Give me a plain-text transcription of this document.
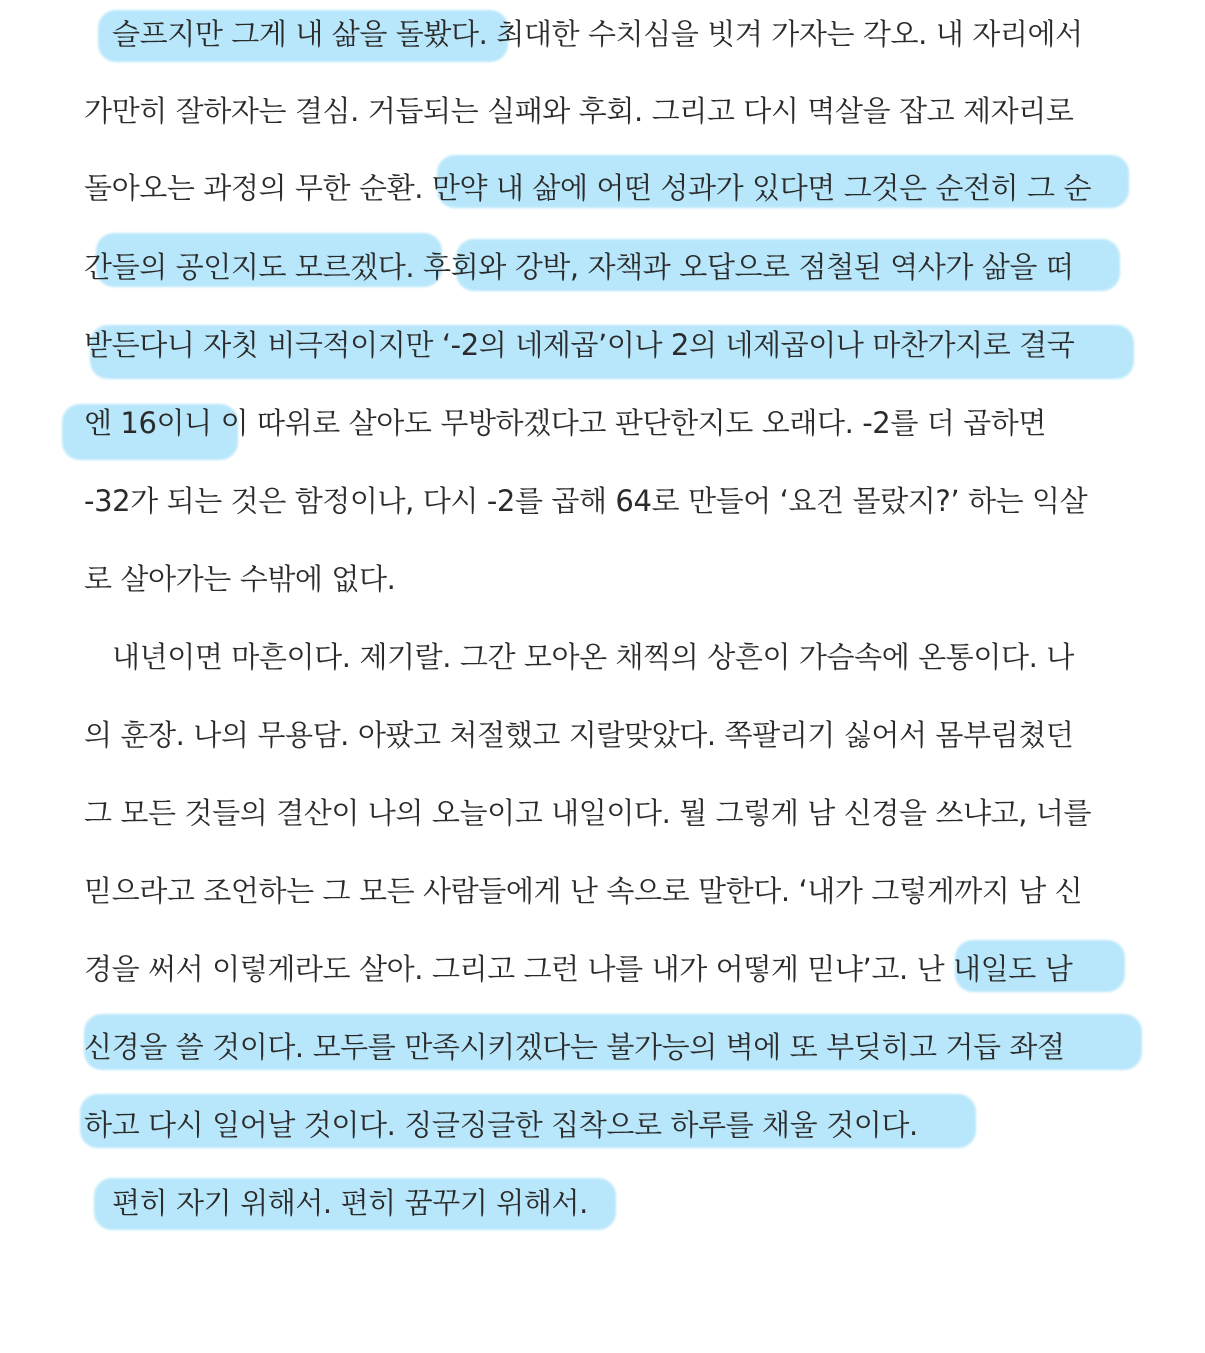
슬프지만 그게 내 삶을 돌봤다. 최대한 수치심을 빗겨 가자는 각오. 내 자리에서

가만히 잘하자는 결심. 거듭되는 실패와 후회. 그리고 다시 멱살을 잡고 제자리로

돌아오는 과정의 무한 순환. 만약 내 삶에 어떤 성과가 있다면 그것은 순전히 그 순

간들의 공인지도 모르겠다. 후회와 강박, 자책과 오답으로 점철된 역사가 삶을 떠

받든다니 자칫 비극적이지만 ‘-2의 네제곱’이나 2의 네제곱이나 마찬가지로 결국

엔 16이니 이 따위로 살아도 무방하겠다고 판단한지도 오래다. -2를 더 곱하면

-32가 되는 것은 함정이나, 다시 -2를 곱해 64로 만들어 ‘요건 몰랐지?’ 하는 익살

로 살아가는 수밖에 없다.

내년이면 마흔이다. 제기랄. 그간 모아온 채찍의 상흔이 가슴속에 온통이다. 나

의 훈장. 나의 무용담. 아팠고 처절했고 지랄맞았다. 쪽팔리기 싫어서 몸부림쳤던

그 모든 것들의 결산이 나의 오늘이고 내일이다. 뭘 그렇게 남 신경을 쓰냐고, 너를

믿으라고 조언하는 그 모든 사람들에게 난 속으로 말한다. ‘내가 그렇게까지 남 신

경을 써서 이렇게라도 살아. 그리고 그런 나를 내가 어떻게 믿냐’고. 난 내일도 남

신경을 쓸 것이다. 모두를 만족시키겠다는 불가능의 벽에 또 부딪히고 거듭 좌절

하고 다시 일어날 것이다. 징글징글한 집착으로 하루를 채울 것이다.

편히 자기 위해서. 편히 꿈꾸기 위해서.
